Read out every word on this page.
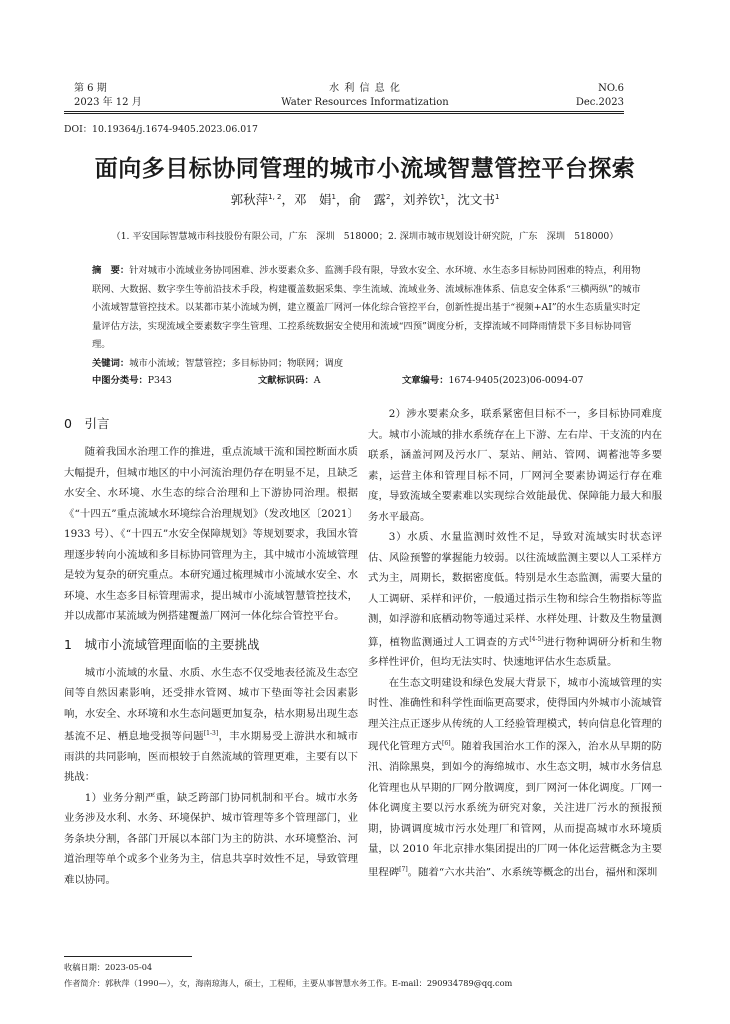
第 6 期
2023 年 12 月
水 利 信 息 化
Water Resources Informatization
NO.6
Dec.2023
DOI：10.19364/j.1674-9405.2023.06.017
面向多目标协同管理的城市小流域智慧管控平台探索
郭秋萍$^{1, 2}$，邓　娟$^1$，俞　露$^2$，刘养钦$^1$，沈文书$^1$
（1. 平安国际智慧城市科技股份有限公司，广东　深圳　518000；2. 深圳市城市规划设计研究院，广东　深圳　518000）
摘　要：针对城市小流域业务协同困难、涉水要素众多、监测手段有限，导致水安全、水环境、水生态多目标协同困难的特点，利用物联网、大数据、数字孪生等前沿技术手段，构建覆盖数据采集、孪生流域、流域业务、流域标准体系、信息安全体系“三横两纵”的城市小流域智慧管控技术。以某都市某小流域为例，建立覆盖厂网河一体化综合管控平台，创新性提出基于“视频+AI”的水生态质量实时定量评估方法，实现流域全要素数字孪生管理、工控系统数据安全使用和流域“四预”调度分析，支撑流域不同降雨情景下多目标协同管理。
关键词：城市小流域；智慧管控；多目标协同；物联网；调度
中图分类号：P343	文献标识码：A	文章编号：1674-9405(2023)06-0094-07
0　引言

随着我国水治理工作的推进，重点流域干流和国控断面水质大幅提升，但城市地区的中小河流治理仍存在明显不足，且缺乏水安全、水环境、水生态的综合治理和上下游协同治理。根据《“十四五”重点流域水环境综合治理规划》（发改地区〔2021〕1933 号）、《“十四五”水安全保障规划》等规划要求，我国水管理逐步转向小流域和多目标协同管理为主，其中城市小流域管理是较为复杂的研究重点。本研究通过梳理城市小流域水安全、水环境、水生态多目标管理需求，提出城市小流域智慧管控技术，并以成都市某流域为例搭建覆盖厂网河一体化综合管控平台。

1　城市小流域管理面临的主要挑战

城市小流域的水量、水质、水生态不仅受地表径流及生态空间等自然因素影响，还受排水管网、城市下垫面等社会因素影响，水安全、水环境和水生态问题更加复杂，枯水期易出现生态基流不足、栖息地受损等问题[1-3]，丰水期易受上游洪水和城市雨洪的共同影响，医而根较于自然流域的管理更难，主要有以下挑战：

1）业务分割严重，缺乏跨部门协同机制和平台。城市水务业务涉及水利、水务、环境保护、城市管理等多个管理部门，业务条块分割，各部门开展以本部门为主的防洪、水环境整治、河道治理等单个或多个业务为主，信息共享时效性不足，导致管理难以协同。

2）涉水要素众多，联系紧密但目标不一，多目标协同难度大。城市小流域的排水系统存在上下游、左右岸、干支流的内在联系，涵盖河网及污水厂、泵站、闸站、管网、调蓄池等多要素，运营主体和管理目标不同，厂网河全要素协调运行存在难度，导致流域全要素难以实现综合效能最优、保障能力最大和服务水平最高。

3）水质、水量监测时效性不足，导致对流域实时状态评估、风险预警的掌握能力较弱。以往流域监测主要以人工采样方式为主，周期长，数据密度低。特别是水生态监测，需要大量的人工调研、采样和评价，一般通过指示生物和综合生物指标等监测，如浮游和底栖动物等通过采样、水样处理、计数及生物量测算，植物监测通过人工调查的方式[4-5]进行物种调研分析和生物多样性评价，但均无法实时、快速地评估水生态质量。

在生态文明建设和绿色发展大背景下，城市小流域管理的实时性、准确性和科学性面临更高要求，使得国内外城市小流域管理关注点正逐步从传统的人工经验管理模式，转向信息化管理的现代化管理方式[6]。随着我国治水工作的深入，治水从早期的防汛、消除黑臭，到如今的海绵城市、水生态文明，城市水务信息化管理也从早期的厂网分散调度，到厂网河一体化调度。厂网一体化调度主要以污水系统为研究对象，关注进厂污水的预报预期，协调调度城市污水处理厂和管网，从而提高城市水环境质量，以 2010 年北京排水集团提出的厂网一体化运营概念为主要里程碑[7]。随着“六水共治”、水系统等概念的出台，福州和深圳

收稿日期：2023-05-04
作者简介：郭秋萍（1990—），女，海南琼海人，硕士，工程师，主要从事智慧水务工作。E-mail：290934789@qq.com
